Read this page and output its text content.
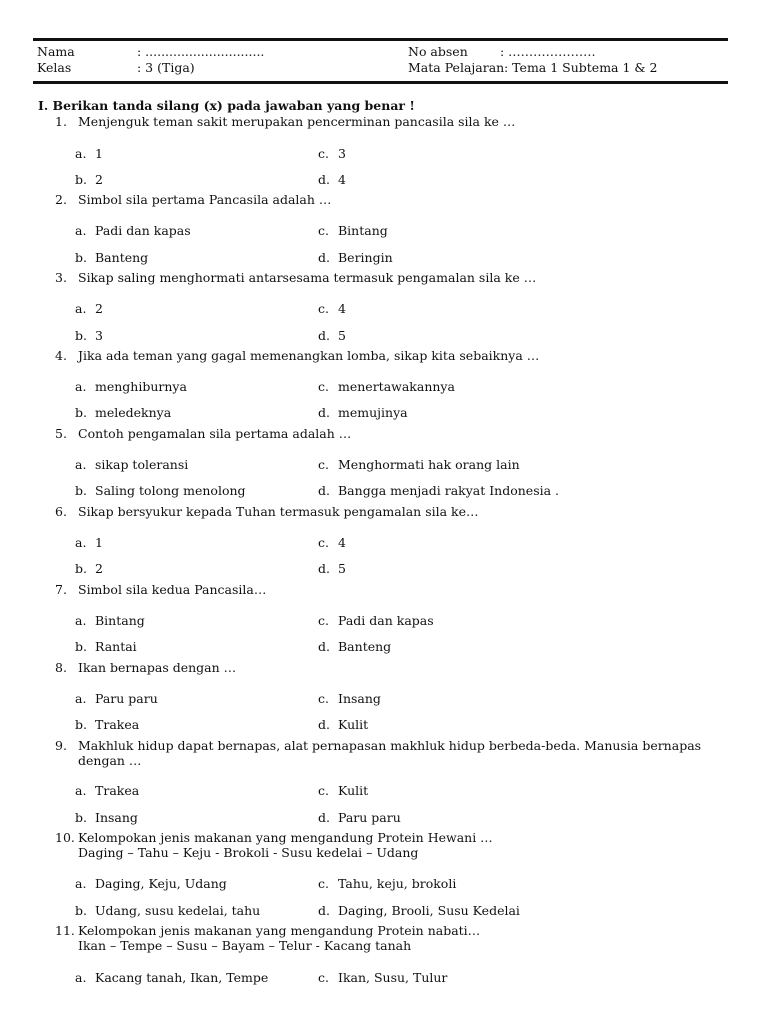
Nama	: ..............................
Kelas	: 3 (Tiga)
No absen	: …………………
Mata Pelajaran : Tema 1 Subtema 1 & 2
I. Berikan tanda silang (x) pada jawaban yang benar !
1. Menjenguk teman sakit merupakan pencerminan pancasila sila ke …
a. 1
b. 2
c. 3
d. 4
2. Simbol sila pertama Pancasila adalah …
a. Padi dan kapas
b. Banteng
c. Bintang
d. Beringin
3. Sikap saling menghormati antarsesama termasuk pengamalan sila ke …
a. 2
b. 3
c. 4
d. 5
4. Jika ada teman yang gagal memenangkan lomba, sikap kita sebaiknya …
a. menghiburnya
b. meledeknya
c. menertawakannya
d. memujinya
5. Contoh pengamalan sila pertama adalah …
a. sikap toleransi
b. Saling tolong menolong
c. Menghormati hak orang lain
d. Bangga menjadi rakyat Indonesia .
6. Sikap bersyukur kepada Tuhan termasuk pengamalan sila ke…
a. 1
b. 2
c. 4
d. 5
7. Simbol sila kedua Pancasila…
a. Bintang
b. Rantai
c. Padi dan kapas
d. Banteng
8. Ikan bernapas dengan …
a. Paru paru
b. Trakea
c. Insang
d. Kulit
9. Makhluk hidup dapat bernapas, alat pernapasan makhluk hidup berbeda-beda. Manusia bernapas dengan …
a. Trakea
b. Insang
c. Kulit
d. Paru paru
10. Kelompokan jenis makanan yang mengandung Protein Hewani …
Daging – Tahu – Keju - Brokoli - Susu kedelai – Udang
a. Daging, Keju, Udang
b. Udang, susu kedelai, tahu
c. Tahu, keju, brokoli
d. Daging, Brooli, Susu Kedelai
11. Kelompokan jenis makanan yang mengandung Protein nabati…
Ikan – Tempe – Susu – Bayam – Telur - Kacang tanah
a. Kacang tanah, Ikan, Tempe	c. Ikan, Susu, Tulur
